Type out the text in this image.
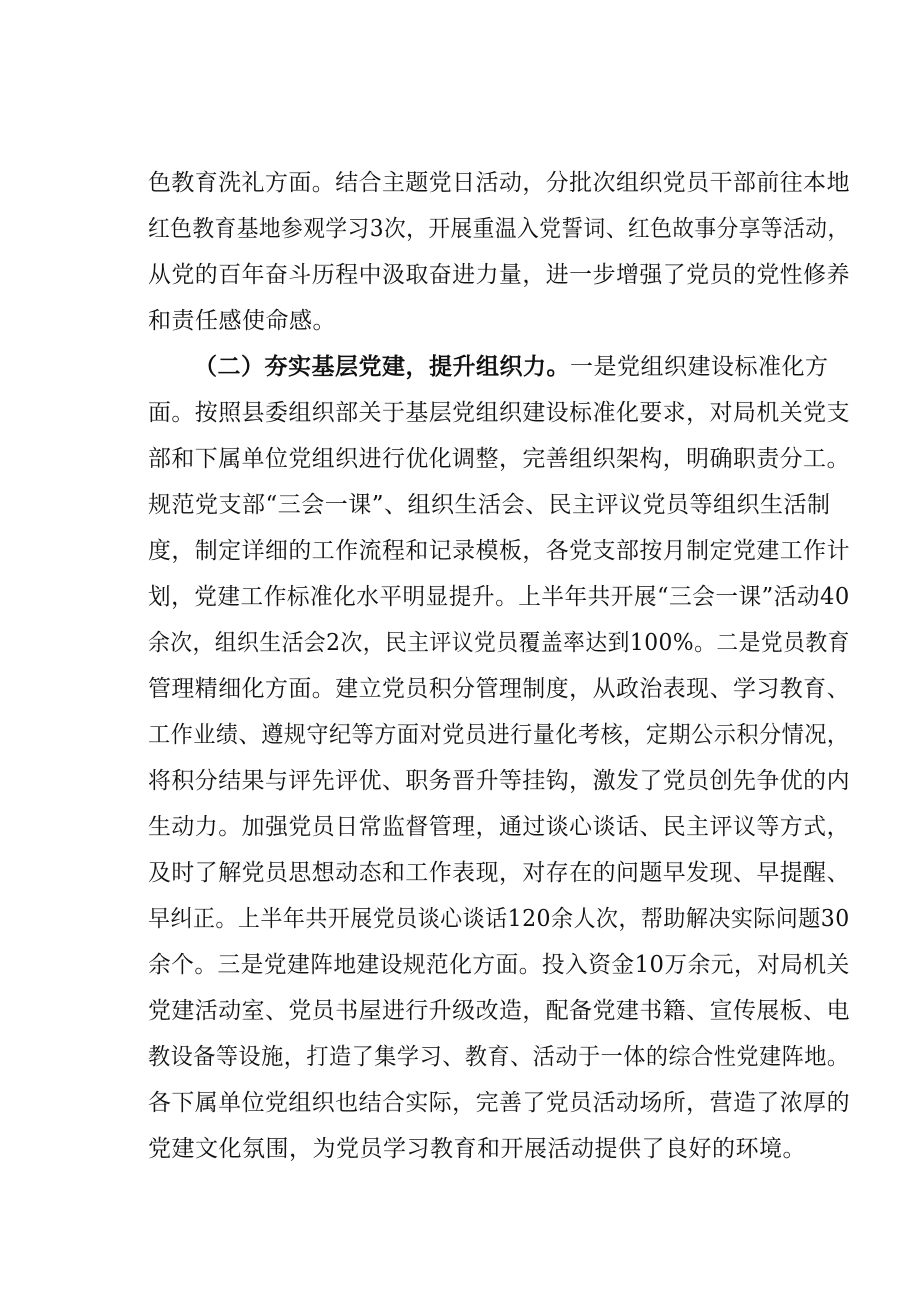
色教育洗礼方面。结合主题党日活动，分批次组织党员干部前往本地
红色教育基地参观学习3次，开展重温入党誓词、红色故事分享等活动，
从党的百年奋斗历程中汲取奋进力量，进一步增强了党员的党性修养
和责任感使命感。
（二）夯实基层党建，提升组织力。一是党组织建设标准化方
面。按照县委组织部关于基层党组织建设标准化要求，对局机关党支
部和下属单位党组织进行优化调整，完善组织架构，明确职责分工。
规范党支部“三会一课”、组织生活会、民主评议党员等组织生活制
度，制定详细的工作流程和记录模板，各党支部按月制定党建工作计
划，党建工作标准化水平明显提升。上半年共开展“三会一课”活动40
余次，组织生活会2次，民主评议党员覆盖率达到100%。二是党员教育
管理精细化方面。建立党员积分管理制度，从政治表现、学习教育、
工作业绩、遵规守纪等方面对党员进行量化考核，定期公示积分情况，
将积分结果与评先评优、职务晋升等挂钩，激发了党员创先争优的内
生动力。加强党员日常监督管理，通过谈心谈话、民主评议等方式，
及时了解党员思想动态和工作表现，对存在的问题早发现、早提醒、
早纠正。上半年共开展党员谈心谈话120余人次，帮助解决实际问题30
余个。三是党建阵地建设规范化方面。投入资金10万余元，对局机关
党建活动室、党员书屋进行升级改造，配备党建书籍、宣传展板、电
教设备等设施，打造了集学习、教育、活动于一体的综合性党建阵地。
各下属单位党组织也结合实际，完善了党员活动场所，营造了浓厚的
党建文化氛围，为党员学习教育和开展活动提供了良好的环境。
